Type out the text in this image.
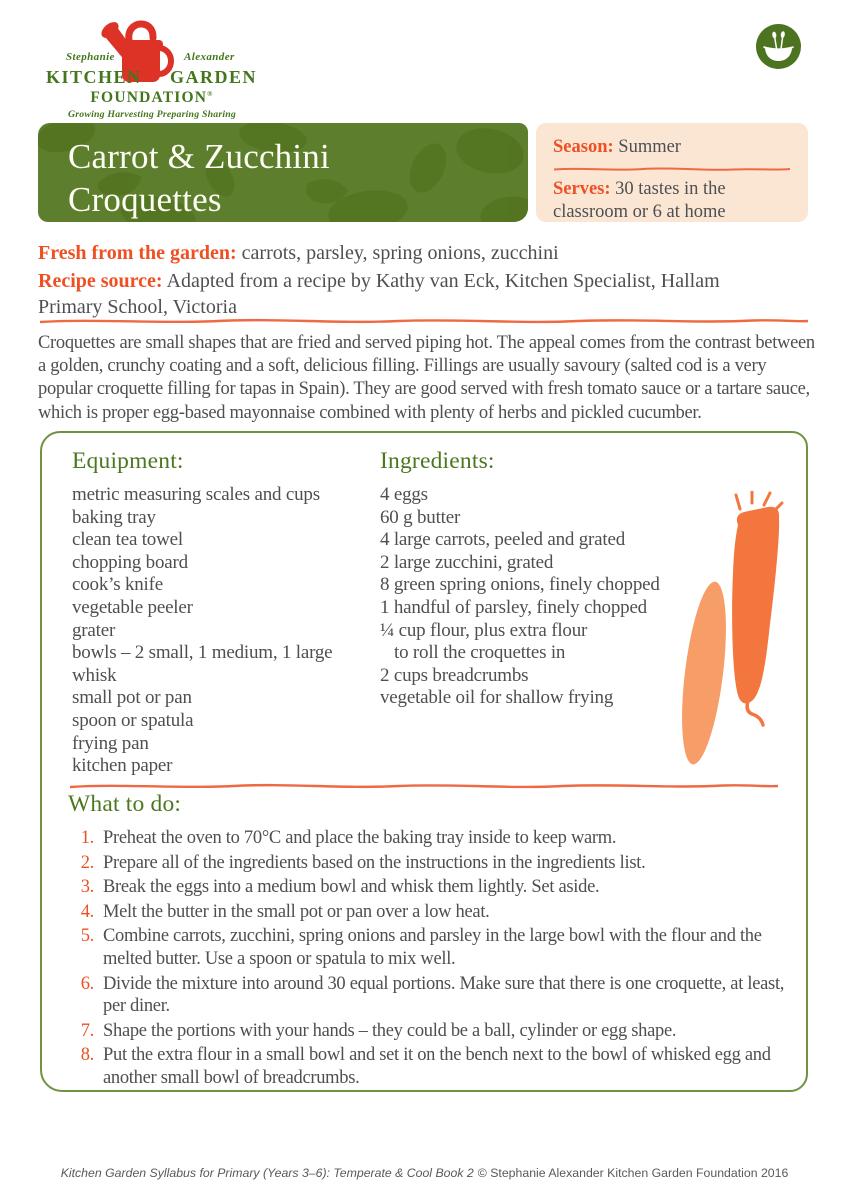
Stephanie	Alexander
KITCHEN GARDEN
FOUNDATION®
Growing Harvesting Preparing Sharing
Carrot & Zucchini
Croquettes
Season: Summer
Serves: 30 tastes in the classroom or 6 at home

Fresh from the garden: carrots, parsley, spring onions, zucchini

Recipe source: Adapted from a recipe by Kathy van Eck, Kitchen Specialist, Hallam Primary School, Victoria

Croquettes are small shapes that are fried and served piping hot. The appeal comes from the contrast between a golden, crunchy coating and a soft, delicious filling. Fillings are usually savoury (salted cod is a very popular croquette filling for tapas in Spain). They are good served with fresh tomato sauce or a tartare sauce, which is proper egg-based mayonnaise combined with plenty of herbs and pickled cucumber.

Equipment:
metric measuring scales and cups
baking tray
clean tea towel
chopping board
cook’s knife
vegetable peeler
grater
bowls – 2 small, 1 medium, 1 large
whisk
small pot or pan
spoon or spatula
frying pan
kitchen paper
Ingredients:
4 eggs
60 g butter
4 large carrots, peeled and grated
2 large zucchini, grated
8 green spring onions, finely chopped
1 handful of parsley, finely chopped
¼ cup flour, plus extra flour
to roll the croquettes in
2 cups breadcrumbs
vegetable oil for shallow frying
What to do:
1. Preheat the oven to 70°C and place the baking tray inside to keep warm.
2. Prepare all of the ingredients based on the instructions in the ingredients list.
3. Break the eggs into a medium bowl and whisk them lightly. Set aside.
4. Melt the butter in the small pot or pan over a low heat.
5. Combine carrots, zucchini, spring onions and parsley in the large bowl with the flour and the melted butter. Use a spoon or spatula to mix well.
6. Divide the mixture into around 30 equal portions. Make sure that there is one croquette, at least, per diner.
7. Shape the portions with your hands – they could be a ball, cylinder or egg shape.
8. Put the extra flour in a small bowl and set it on the bench next to the bowl of whisked egg and another small bowl of breadcrumbs.
Kitchen Garden Syllabus for Primary (Years 3–6): Temperate & Cool Book 2 © Stephanie Alexander Kitchen Garden Foundation 2016
